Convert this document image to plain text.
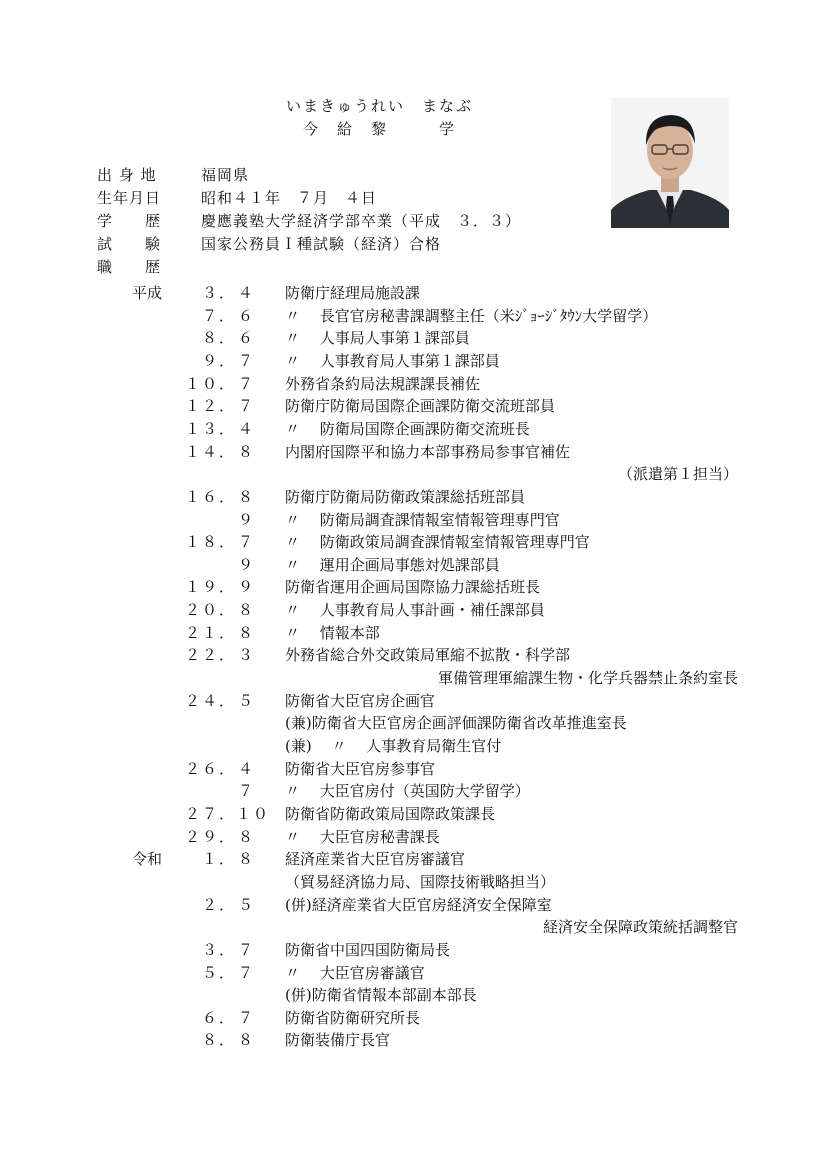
いまきゅうれい　まなぶ
今　給　黎　　　学
出 身 地	福岡県
生年月日	昭和４１年　７月　４日
学　　歴	慶應義塾大学経済学部卒業（平成　３．３）
試　　験	国家公務員Ｉ種試験（経済）合格
職　　歴
平成	３． ４ 防衛庁経理局施設課
７． ６ 〃　 長官官房秘書課調整主任（米ｼﾞｮｰｼﾞﾀｳﾝ大学留学）
８． ６ 〃　 人事局人事第１課部員
９． ７ 〃　 人事教育局人事第１課部員
１０． ７ 外務省条約局法規課課長補佐
１２． ７ 防衛庁防衛局国際企画課防衛交流班部員
１３． ４ 〃　 防衛局国際企画課防衛交流班長
１４． ８ 内閣府国際平和協力本部事務局参事官補佐
（派遣第１担当）
１６． ８ 防衛庁防衛局防衛政策課総括班部員
９ 〃　 防衛局調査課情報室情報管理専門官
１８． ７ 〃　 防衛政策局調査課情報室情報管理専門官
９ 〃　 運用企画局事態対処課部員
１９． ９ 防衛省運用企画局国際協力課総括班長
２０． ８ 〃　 人事教育局人事計画・補任課部員
２１． ８ 〃　 情報本部
２２． ３ 外務省総合外交政策局軍縮不拡散・科学部
軍備管理軍縮課生物・化学兵器禁止条約室長
２４． ５ 防衛省大臣官房企画官
(兼)防衛省大臣官房企画評価課防衛省改革推進室長
(兼)　 〃　 人事教育局衛生官付
２６． ４ 防衛省大臣官房参事官
７ 〃　 大臣官房付（英国防大学留学）
２７． １０ 防衛省防衛政策局国際政策課長
２９． ８ 〃　 大臣官房秘書課長
令和	１． ８ 経済産業省大臣官房審議官
（貿易経済協力局、国際技術戦略担当）
２． ５ (併)経済産業省大臣官房経済安全保障室
経済安全保障政策統括調整官
３． ７ 防衛省中国四国防衛局長
５． ７ 〃　 大臣官房審議官
(併)防衛省情報本部副本部長
６． ７ 防衛省防衛研究所長
８． ８ 防衛装備庁長官
